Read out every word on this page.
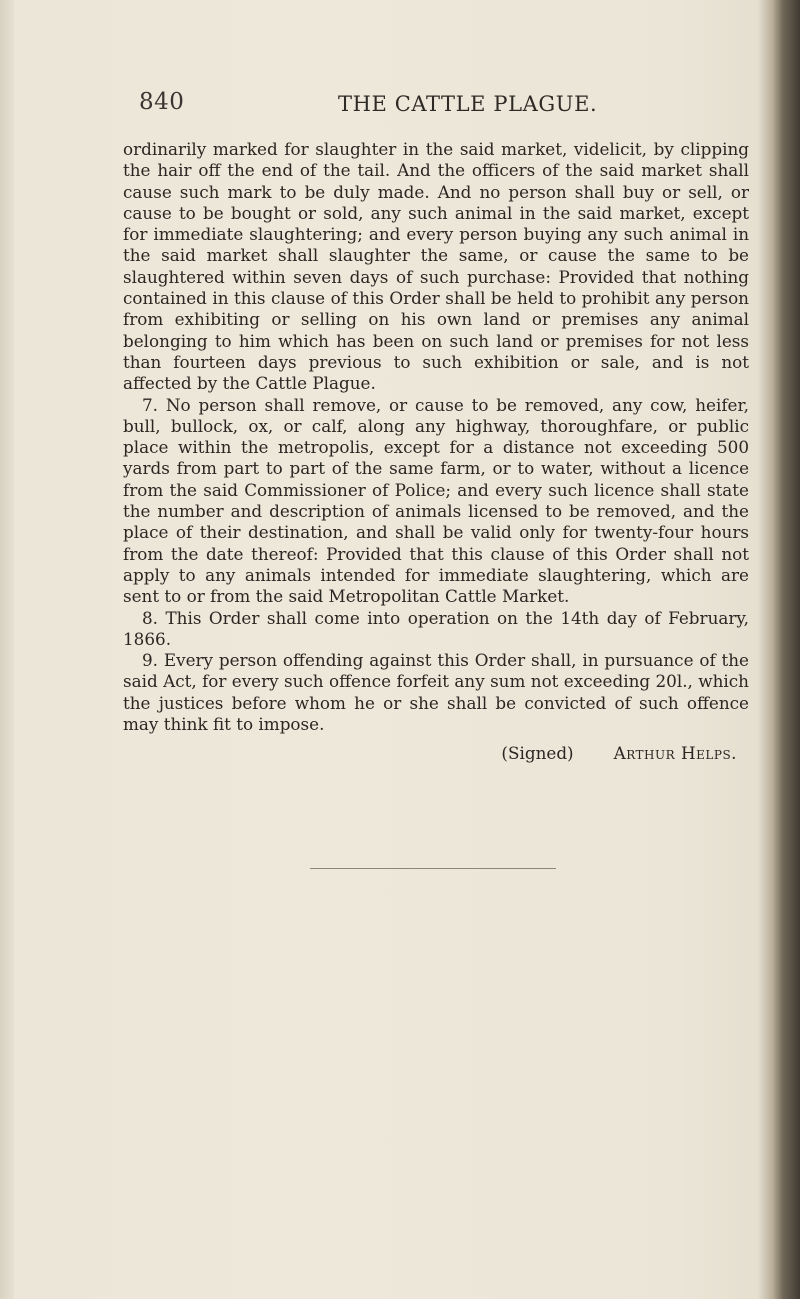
840	THE CATTLE PLAGUE.

ordinarily marked for slaughter in the said market, videlicit, by clipping the hair off the end of the tail. And the officers of the said market shall cause such mark to be duly made. And no person shall buy or sell, or cause to be bought or sold, any such animal in the said market, except for immediate slaughtering; and every person buying any such animal in the said market shall slaughter the same, or cause the same to be slaughtered within seven days of such purchase: Provided that nothing contained in this clause of this Order shall be held to prohibit any person from exhibiting or selling on his own land or premises any animal belonging to him which has been on such land or premises for not less than fourteen days previous to such exhibition or sale, and is not affected by the Cattle Plague.

7. No person shall remove, or cause to be removed, any cow, heifer, bull, bullock, ox, or calf, along any highway, thoroughfare, or public place within the metropolis, except for a distance not exceeding 500 yards from part to part of the same farm, or to water, without a licence from the said Commissioner of Police; and every such licence shall state the number and description of animals licensed to be removed, and the place of their destination, and shall be valid only for twenty-four hours from the date thereof: Provided that this clause of this Order shall not apply to any animals intended for immediate slaughtering, which are sent to or from the said Metropolitan Cattle Market.

8. This Order shall come into operation on the 14th day of February, 1866.

9. Every person offending against this Order shall, in pursuance of the said Act, for every such offence forfeit any sum not exceeding 20l., which the justices before whom he or she shall be convicted of such offence may think fit to impose.

(Signed) Arthur Helps.
